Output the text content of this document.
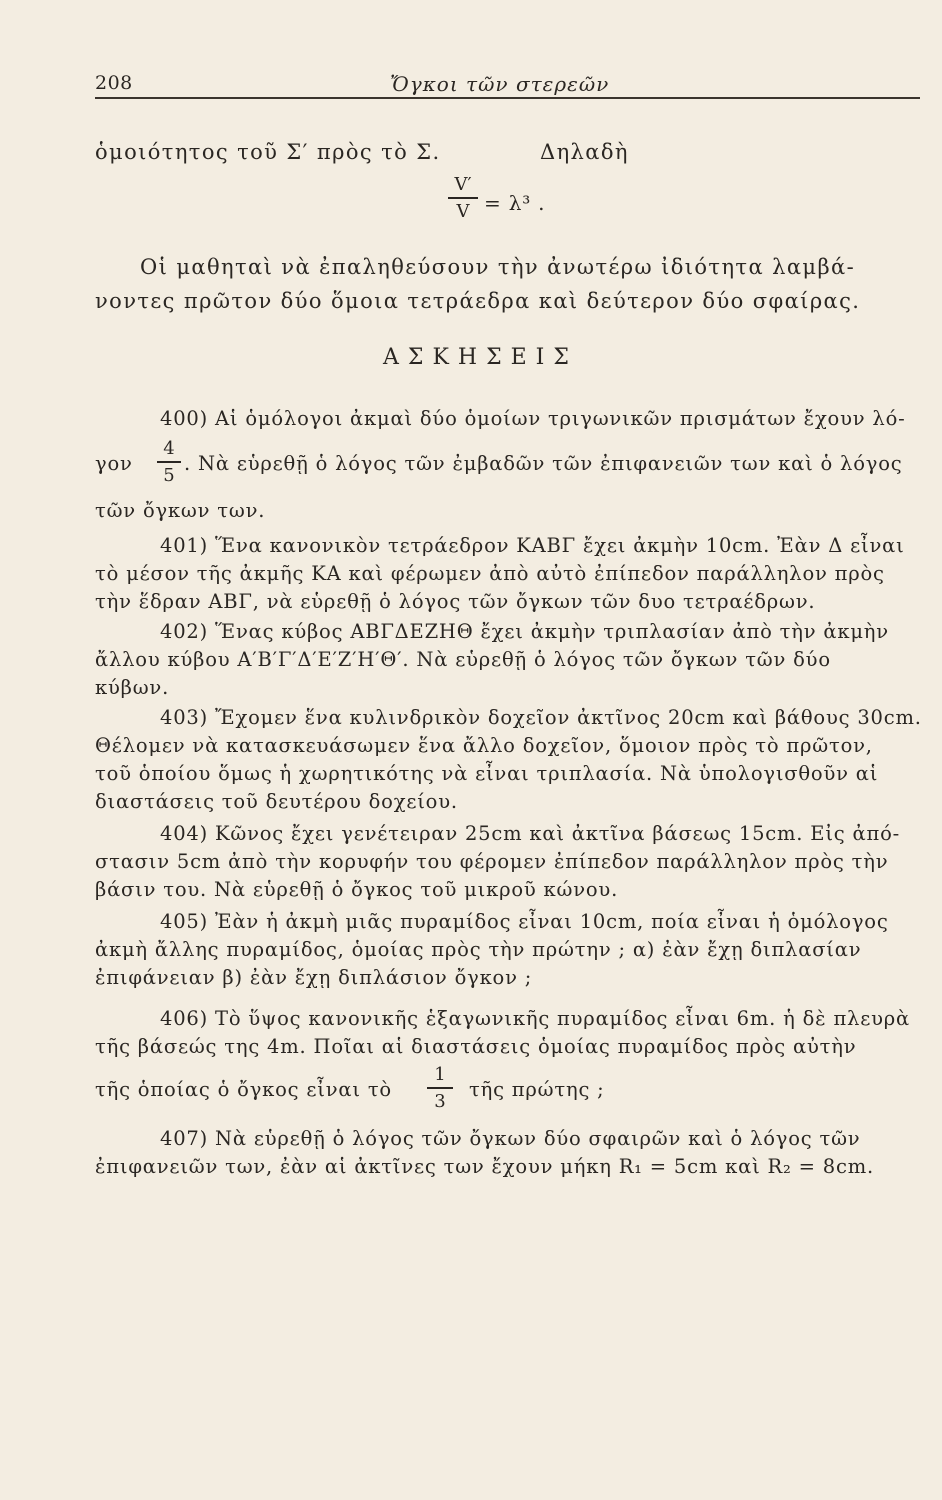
208	Ὄγκοι τῶν στερεῶν
ὁμοιότητος τοῦ Σ′ πρὸς τὸ Σ.	Δηλαδὴ
V′
V = λ³ .
Οἱ μαθηταὶ νὰ ἐπαληθεύσουν τὴν ἀνωτέρω ἰδιότητα λαμβά-
νοντες πρῶτον δύο ὅμοια τετράεδρα καὶ δεύτερον δύο σφαίρας.
ΑΣΚΗΣΕΙΣ
400) Αἱ ὁμόλογοι ἀκμαὶ δύο ὁμοίων τριγωνικῶν πρισμάτων ἔχουν λό-
γον
4
5 . Νὰ εὑρεθῇ ὁ λόγος τῶν ἐμβαδῶν τῶν ἐπιφανειῶν των καὶ ὁ λόγος
τῶν ὄγκων των.
401) Ἕνα κανονικὸν τετράεδρον ΚΑΒΓ ἔχει ἀκμὴν 10cm. Ἐὰν Δ εἶναι
τὸ μέσον τῆς ἀκμῆς ΚΑ καὶ φέρωμεν ἀπὸ αὐτὸ ἐπίπεδον παράλληλον πρὸς
τὴν ἕδραν ΑΒΓ, νὰ εὑρεθῇ ὁ λόγος τῶν ὄγκων τῶν δυο τετραέδρων.
402) Ἕνας κύβος ΑΒΓΔΕΖΗΘ ἔχει ἀκμὴν τριπλασίαν ἀπὸ τὴν ἀκμὴν
ἄλλου κύβου Α′Β′Γ′Δ′Ε′Ζ′Η′Θ′. Νὰ εὑρεθῇ ὁ λόγος τῶν ὄγκων τῶν δύο
κύβων.
403) Ἔχομεν ἕνα κυλινδρικὸν δοχεῖον ἀκτῖνος 20cm καὶ βάθους 30cm.
Θέλομεν νὰ κατασκευάσωμεν ἕνα ἄλλο δοχεῖον, ὅμοιον πρὸς τὸ πρῶτον,
τοῦ ὁποίου ὅμως ἡ χωρητικότης νὰ εἶναι τριπλασία. Νὰ ὑπολογισθοῦν αἱ
διαστάσεις τοῦ δευτέρου δοχείου.
404) Κῶνος ἔχει γενέτειραν 25cm καὶ ἀκτῖνα βάσεως 15cm. Εἰς ἀπό-
στασιν 5cm ἀπὸ τὴν κορυφήν του φέρομεν ἐπίπεδον παράλληλον πρὸς τὴν
βάσιν του. Νὰ εὑρεθῇ ὁ ὄγκος τοῦ μικροῦ κώνου.
405) Ἐὰν ἡ ἀκμὴ μιᾶς πυραμίδος εἶναι 10cm, ποία εἶναι ἡ ὁμόλογος
ἀκμὴ ἄλλης πυραμίδος, ὁμοίας πρὸς τὴν πρώτην ; α) ἐὰν ἔχῃ διπλασίαν
ἐπιφάνειαν β) ἐὰν ἔχῃ διπλάσιον ὄγκον ;
406) Τὸ ὕψος κανονικῆς ἑξαγωνικῆς πυραμίδος εἶναι 6m. ἡ δὲ πλευρὰ
τῆς βάσεώς της 4m. Ποῖαι αἱ διαστάσεις ὁμοίας πυραμίδος πρὸς αὐτὴν
τῆς ὁποίας ὁ ὄγκος εἶναι τὸ
1
3	τῆς πρώτης ;
407) Νὰ εὑρεθῇ ὁ λόγος τῶν ὄγκων δύο σφαιρῶν καὶ ὁ λόγος τῶν
ἐπιφανειῶν των, ἐὰν αἱ ἀκτῖνες των ἔχουν μήκη R₁ = 5cm καὶ R₂ = 8cm.
